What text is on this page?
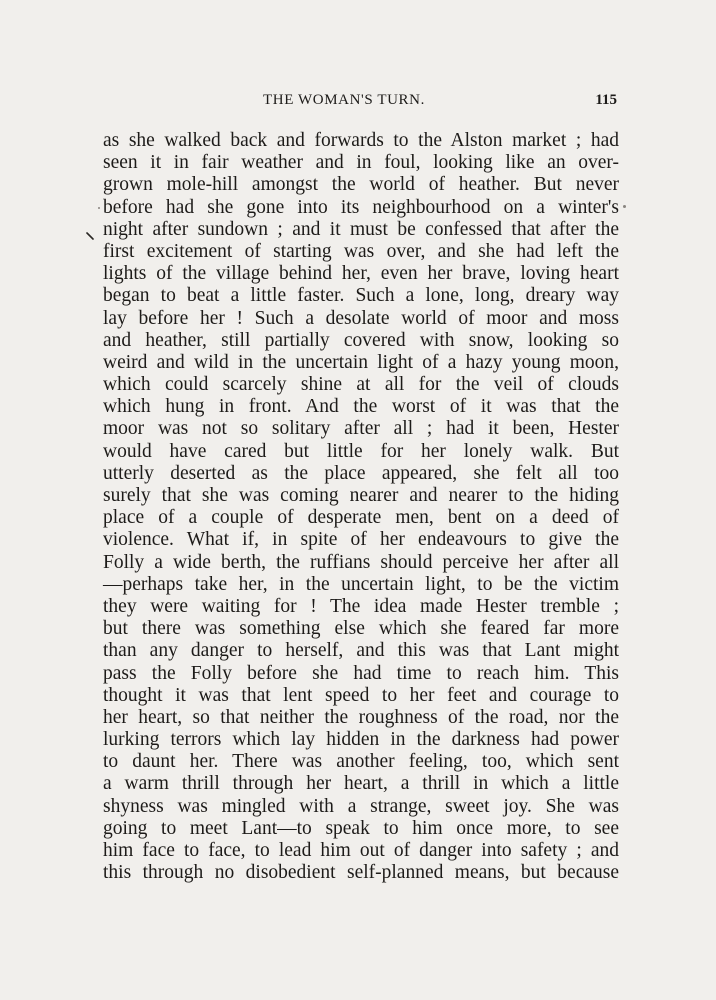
THE WOMAN'S TURN.	115
as she walked back and forwards to the Alston market ; had
seen it in fair weather and in foul, looking like an over-
grown mole-hill amongst the world of heather. But never
before had she gone into its neighbourhood on a winter's
night after sundown ; and it must be confessed that after the
first excitement of starting was over, and she had left the
lights of the village behind her, even her brave, loving heart
began to beat a little faster. Such a lone, long, dreary way
lay before her ! Such a desolate world of moor and moss
and heather, still partially covered with snow, looking so
weird and wild in the uncertain light of a hazy young moon,
which could scarcely shine at all for the veil of clouds
which hung in front. And the worst of it was that the
moor was not so solitary after all ; had it been, Hester
would have cared but little for her lonely walk. But
utterly deserted as the place appeared, she felt all too
surely that she was coming nearer and nearer to the hiding
place of a couple of desperate men, bent on a deed of
violence. What if, in spite of her endeavours to give the
Folly a wide berth, the ruffians should perceive her after all
—perhaps take her, in the uncertain light, to be the victim
they were waiting for ! The idea made Hester tremble ;
but there was something else which she feared far more
than any danger to herself, and this was that Lant might
pass the Folly before she had time to reach him. This
thought it was that lent speed to her feet and courage to
her heart, so that neither the roughness of the road, nor the
lurking terrors which lay hidden in the darkness had power
to daunt her. There was another feeling, too, which sent
a warm thrill through her heart, a thrill in which a little
shyness was mingled with a strange, sweet joy. She was
going to meet Lant—to speak to him once more, to see
him face to face, to lead him out of danger into safety ; and
this through no disobedient self-planned means, but because
